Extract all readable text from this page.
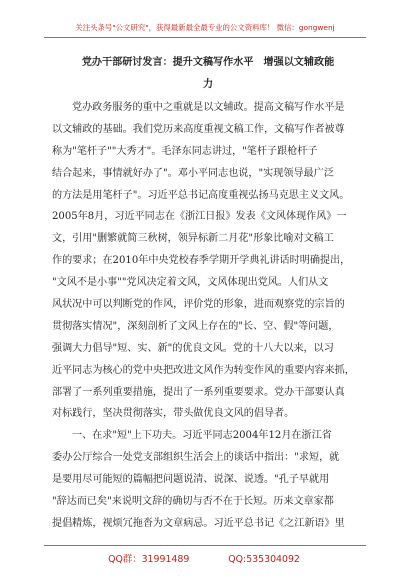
关注头条号"公文研究"，获得最新最全最专业的公文资料库！ 微信：gongwenj
党办干部研讨发言：提升文稿写作水平　增强以文辅政能
力
党办政务服务的重中之重就是以文辅政。提高文稿写作水平是
以文辅政的基础。我们党历来高度重视文稿工作，文稿写作者被尊
称为"笔杆子""大秀才"。毛泽东同志讲过，"笔杆子跟枪杆子
结合起来，事情就好办了"。邓小平同志也说，"实现领导最广泛
的方法是用笔杆子"。习近平总书记高度重视弘扬马克思主义文风。
2005年8月，习近平同志在《浙江日报》发表《文风体现作风》一
文，引用"删繁就简三秋树，领异标新二月花"形象比喻对文稿工
作的要求；在2010年中央党校春季学期开学典礼讲话时明确提出，
"文风不是小事""党风决定着文风，文风体现出党风。人们从文
风状况中可以判断党的作风，评价党的形象，进而观察党的宗旨的
贯彻落实情况"，深刻剖析了文风上存在的"长、空、假"等问题，
强调大力倡导"短、实、新"的优良文风。党的十八大以来，以习
近平同志为核心的党中央把改进文风作为转变作风的重要内容来抓，
部署了一系列重要措施，提出了一系列重要要求。党办干部要认真
对标践行，坚决贯彻落实，带头做优良文风的倡导者。
一、在求"短"上下功夫。习近平同志2004年12月在浙江省
委办公厅综合一处党支部组织生活会上的谈话中指出："求短，就
是要用尽可能短的篇幅把问题说清、说深、说透。"孔子早就用
"辞达而已矣"来说明文辞的确切与否不在于长短。历来文章家都
提倡精炼，视烦冗拖沓为文章病忌。习近平总书记《之江新语》里
QQ群：31991489	QQ:535304092
